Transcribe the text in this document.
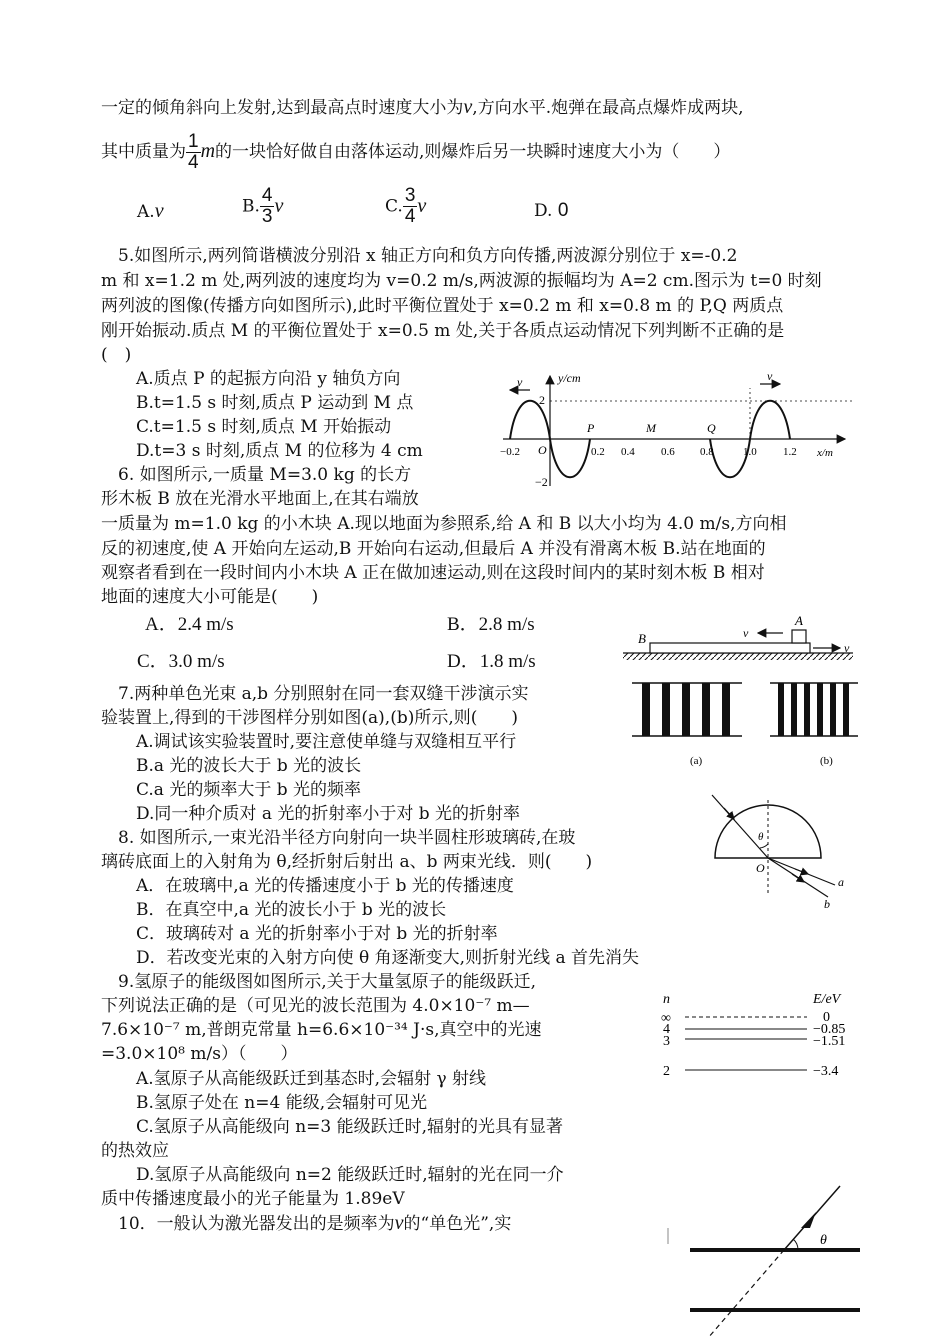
一定的倾角斜向上发射,达到最高点时速度大小为v,方向水平.炮弹在最高点爆炸成两块,
其中质量为 $\frac{1}{4}$ m的一块恰好做自由落体运动,则爆炸后另一块瞬时速度大小为（　　）
A.v	B. $\frac{4}{3}$ v	C. $\frac{3}{4}$ v	D. 0
　5.如图所示,两列简谐横波分别沿 x 轴正方向和负方向传播,两波源分别位于 x=-0.2
m 和 x=1.2 m 处,两列波的速度均为 v=0.2 m/s,两波源的振幅均为 A=2 cm.图示为 t=0 时刻
两列波的图像(传播方向如图所示),此时平衡位置处于 x=0.2 m 和 x=0.8 m 的 P,Q 两质点
刚开始振动.质点 M 的平衡位置处于 x=0.5 m 处,关于各质点运动情况下列判断不正确的是
(　)
A.质点 P 的起振方向沿 y 轴负方向
B.t=1.5 s 时刻,质点 P 运动到 M 点
C.t=1.5 s 时刻,质点 M 开始振动
D.t=3 s 时刻,质点 M 的位移为 4 cm
y/cm
x/m
2
−2
v	v
O
−0.2	0.2 0.4 0.6 0.8	1.0 1.2
P	M	Q
　6. 如图所示,一质量 M=3.0 kg 的长方
形木板 B 放在光滑水平地面上,在其右端放
一质量为 m=1.0 kg 的小木块 A.现以地面为参照系,给 A 和 B 以大小均为 4.0 m/s,方向相
反的初速度,使 A 开始向左运动,B 开始向右运动,但最后 A 并没有滑离木板 B.站在地面的
观察者看到在一段时间内小木块 A 正在做加速运动,则在这段时间内的某时刻木板 B 相对
地面的速度大小可能是(　　)
A．2.4 m/s	B．2.8 m/s
C．3.0 m/s	D．1.8 m/s
A
B	v
v
　7.两种单色光束 a,b 分别照射在同一套双缝干涉演示实
验装置上,得到的干涉图样分别如图(a),(b)所示,则(　　)
A.调试该实验装置时,要注意使单缝与双缝相互平行
B.a 光的波长大于 b 光的波长
C.a 光的频率大于 b 光的频率
D.同一种介质对 a 光的折射率小于对 b 光的折射率
(a)	(b)
　8. 如图所示,一束光沿半径方向射向一块半圆柱形玻璃砖,在玻
璃砖底面上的入射角为 θ,经折射后射出 a、b 两束光线．则(　　)
A．在玻璃中,a 光的传播速度小于 b 光的传播速度
B．在真空中,a 光的波长小于 b 光的波长
C．玻璃砖对 a 光的折射率小于对 b 光的折射率
D．若改变光束的入射方向使 θ 角逐渐变大,则折射光线 a 首先消失
θ
O
a
b
　9.氢原子的能级图如图所示,关于大量氢原子的能级跃迁,
下列说法正确的是（可见光的波长范围为 4.0×10⁻⁷ m—
7.6×10⁻⁷ m,普朗克常量 h=6.6×10⁻³⁴ J·s,真空中的光速
=3.0×10⁸ m/s）（　　）
A.氢原子从高能级跃迁到基态时,会辐射 γ 射线
B.氢原子处在 n=4 能级,会辐射可见光
C.氢原子从高能级向 n=3 能级跃迁时,辐射的光具有显著
的热效应
D.氢原子从高能级向 n=2 能级跃迁时,辐射的光在同一介
质中传播速度最小的光子能量为 1.89eV
n	E/eV
∞
4
3
2
0
−0.85
−1.51
−3.4
　10．一般认为激光器发出的是频率为ν的“单色光”,实
θ
